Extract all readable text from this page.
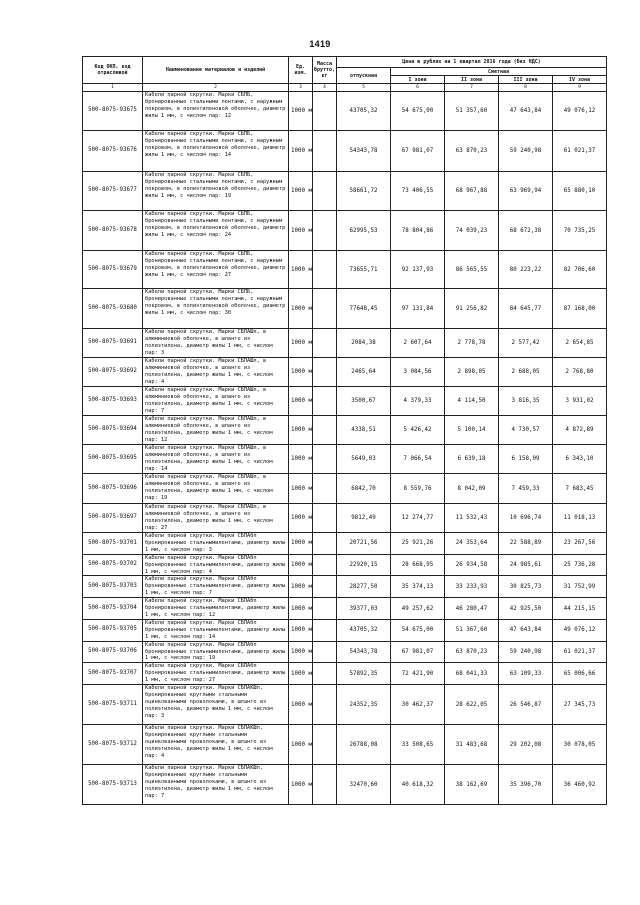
1419
Код ОКП, код отраслевой	Наименование материалов и изделий	Ед. изм.	Масса брутто, кг	Цена в рублях на 1 квартал 2016 года (без НДС)				
				отпускная	Сметная			
					I зона	II зона	III зона	IV зона
1	2	3	4	5	6	7	8	9
500-8075-93675	Кабели парной скрутки. Марки СБПБ, бронированные стальными лентами, с наружным покровом, в полиэтиленовой оболочке, диаметр жилы 1 мм, с числом пар: 12	1000 м		43705,32	54 675,00	51 357,60	47 643,84	49 076,12
500-8075-93676	Кабели парной скрутки. Марки СБПБ, бронированные стальными лентами, с наружным покровом, в полиэтиленовой оболочке, диаметр жилы 1 мм, с числом пар: 14	1000 м		54343,78	67 981,07	63 870,23	59 240,98	61 021,37
500-8075-93677	Кабели парной скрутки. Марки СБПБ, бронированные стальными лентами, с наружным покровом, в полиэтиленовой оболочке, диаметр жилы 1 мм, с числом пар: 19	1000 м		58661,72	73 406,55	68 967,88	63 969,94	65 880,10
500-8075-93678	Кабели парной скрутки. Марки СБПБ, бронированные стальными лентами, с наружным покровом, в полиэтиленовой оболочке, диаметр жилы 1 мм, с числом пар: 24	1000 м		62995,53	78 804,86	74 039,23	68 672,38	70 735,25
500-8075-93679	Кабели парной скрутки. Марки СБПБ, бронированные стальными лентами, с наружным покровом, в полиэтиленовой оболочке, диаметр жилы 1 мм, с числом пар: 27	1000 м		73655,71	92 137,93	86 565,55	80 223,22	82 706,60
500-8075-93680	Кабели парной скрутки. Марки СБПБ, бронированные стальными лентами, с наружным покровом, в полиэтиленовой оболочке, диаметр жилы 1 мм, с числом пар: 30	1000 м		77648,45	97 131,84	91 256,82	84 645,77	87 168,00
500-8075-93691	Кабели парной скрутки. Марки СБПАШп, в алюминиевой оболочке, в шланге из полиэтилена, диаметр жилы 1 мм, с числом пар: 3	1000 м		2084,38	2 607,64	2 778,78	2 577,42	2 654,85
500-8075-93692	Кабели парной скрутки. Марки СБПАШп, в алюминиевой оболочке, в шланге из полиэтилена, диаметр жилы 1 мм, с числом пар: 4	1000 м		2465,64	3 084,56	2 898,05	2 688,05	2 768,80
500-8075-93693	Кабели парной скрутки. Марки СБПАШп, в алюминиевой оболочке, в шланге из полиэтилена, диаметр жилы 1 мм, с числом пар: 7	1000 м		3500,67	4 379,33	4 114,50	3 816,35	3 931,02
500-8075-93694	Кабели парной скрутки. Марки СБПАШп, в алюминиевой оболочке, в шланге из полиэтилена, диаметр жилы 1 мм, с числом пар: 12	1000 м		4338,51	5 426,42	5 100,14	4 730,57	4 872,89
500-8075-93695	Кабели парной скрутки. Марки СБПАШп, в алюминиевой оболочке, в шланге из полиэтилена, диаметр жилы 1 мм, с числом пар: 14	1000 м		5649,03	7 066,54	6 639,18	6 158,09	6 343,10
500-8075-93696	Кабели парной скрутки. Марки СБПАШп, в алюминиевой оболочке, в шланге из полиэтилена, диаметр жилы 1 мм, с числом пар: 19	1000 м		6842,70	8 559,76	8 042,09	7 459,33	7 683,45
500-8075-93697	Кабели парной скрутки. Марки СБПАШп, в алюминиевой оболочке, в шланге из полиэтилена, диаметр жилы 1 мм, с числом пар: 27	1000 м		9812,49	12 274,77	11 532,43	10 696,74	11 018,13
500-8075-93701	Кабели парной скрутки. Марки СБПАбп бронированные стальнымилентами, диаметр жилы 1 мм, с числом пар: 3	1000 м		20721,56	25 921,26	24 353,64	22 588,89	23 267,56
500-8075-93702	Кабели парной скрутки. Марки СБПАбп бронированные стальнымилентами, диаметр жилы 1 мм, с числом пар: 4	1000 м		22920,15	28 668,95	26 934,58	24 985,61	25 736,28
500-8075-93703	Кабели парной скрутки. Марки СБПАбп бронированные стальнымилентами, диаметр жилы 1 мм, с числом пар: 7	1000 м		28277,50	35 374,13	33 233,93	30 825,73	31 752,99
500-8075-93704	Кабели парной скрутки. Марки СБПАбп бронированные стальнымилентами, диаметр жилы 1 мм, с числом пар: 12	1000 м		39377,03	49 257,62	46 280,47	42 925,50	44 215,15
500-8075-93705	Кабели парной скрутки. Марки СБПАбп бронированные стальнымилентами, диаметр жилы 1 мм, с числом пар: 14	1000 м		43705,32	54 675,00	51 367,60	47 643,84	49 076,12
500-8075-93706	Кабели парной скрутки. Марки СБПАбп бронированные стальнымилентами, диаметр жилы 1 мм, с числом пар: 19	1000 м		54343,78	67 981,07	63 870,23	59 240,98	61 021,37
500-8075-93707	Кабели парной скрутки. Марки СБПАбп бронированные стальнымилентами, диаметр жилы 1 мм, с числом пар: 27	1000 м		57892,35	72 421,90	68 041,33	63 109,33	65 006,66
500-8075-93711	Кабели парной скрутки. Марки СБПАКШп, бронированные круглыми стальными оцинкованными проволоками, в шланге из полиэтилена, диаметр жилы 1 мм, с числом пар: 3	1000 м		24352,35	30 462,37	28 622,05	26 546,87	27 345,73
500-8075-93712	Кабели парной скрутки. Марки СБПАКШп, бронированные круглыми стальными оцинкованными проволоками, в шланге из полиэтилена, диаметр жилы 1 мм, с числом пар: 4	1000 м		26788,08	33 508,65	31 483,68	29 202,08	30 078,05
500-8075-93713	Кабели парной скрутки. Марки СБПАКШп, бронированные круглыми стальными оцинкованными проволоками, в шланге из полиэтилена, диаметр жилы 1 мм, с числом пар: 7	1000 м		32470,60	40 618,32	38 162,69	35 396,70	36 460,92
